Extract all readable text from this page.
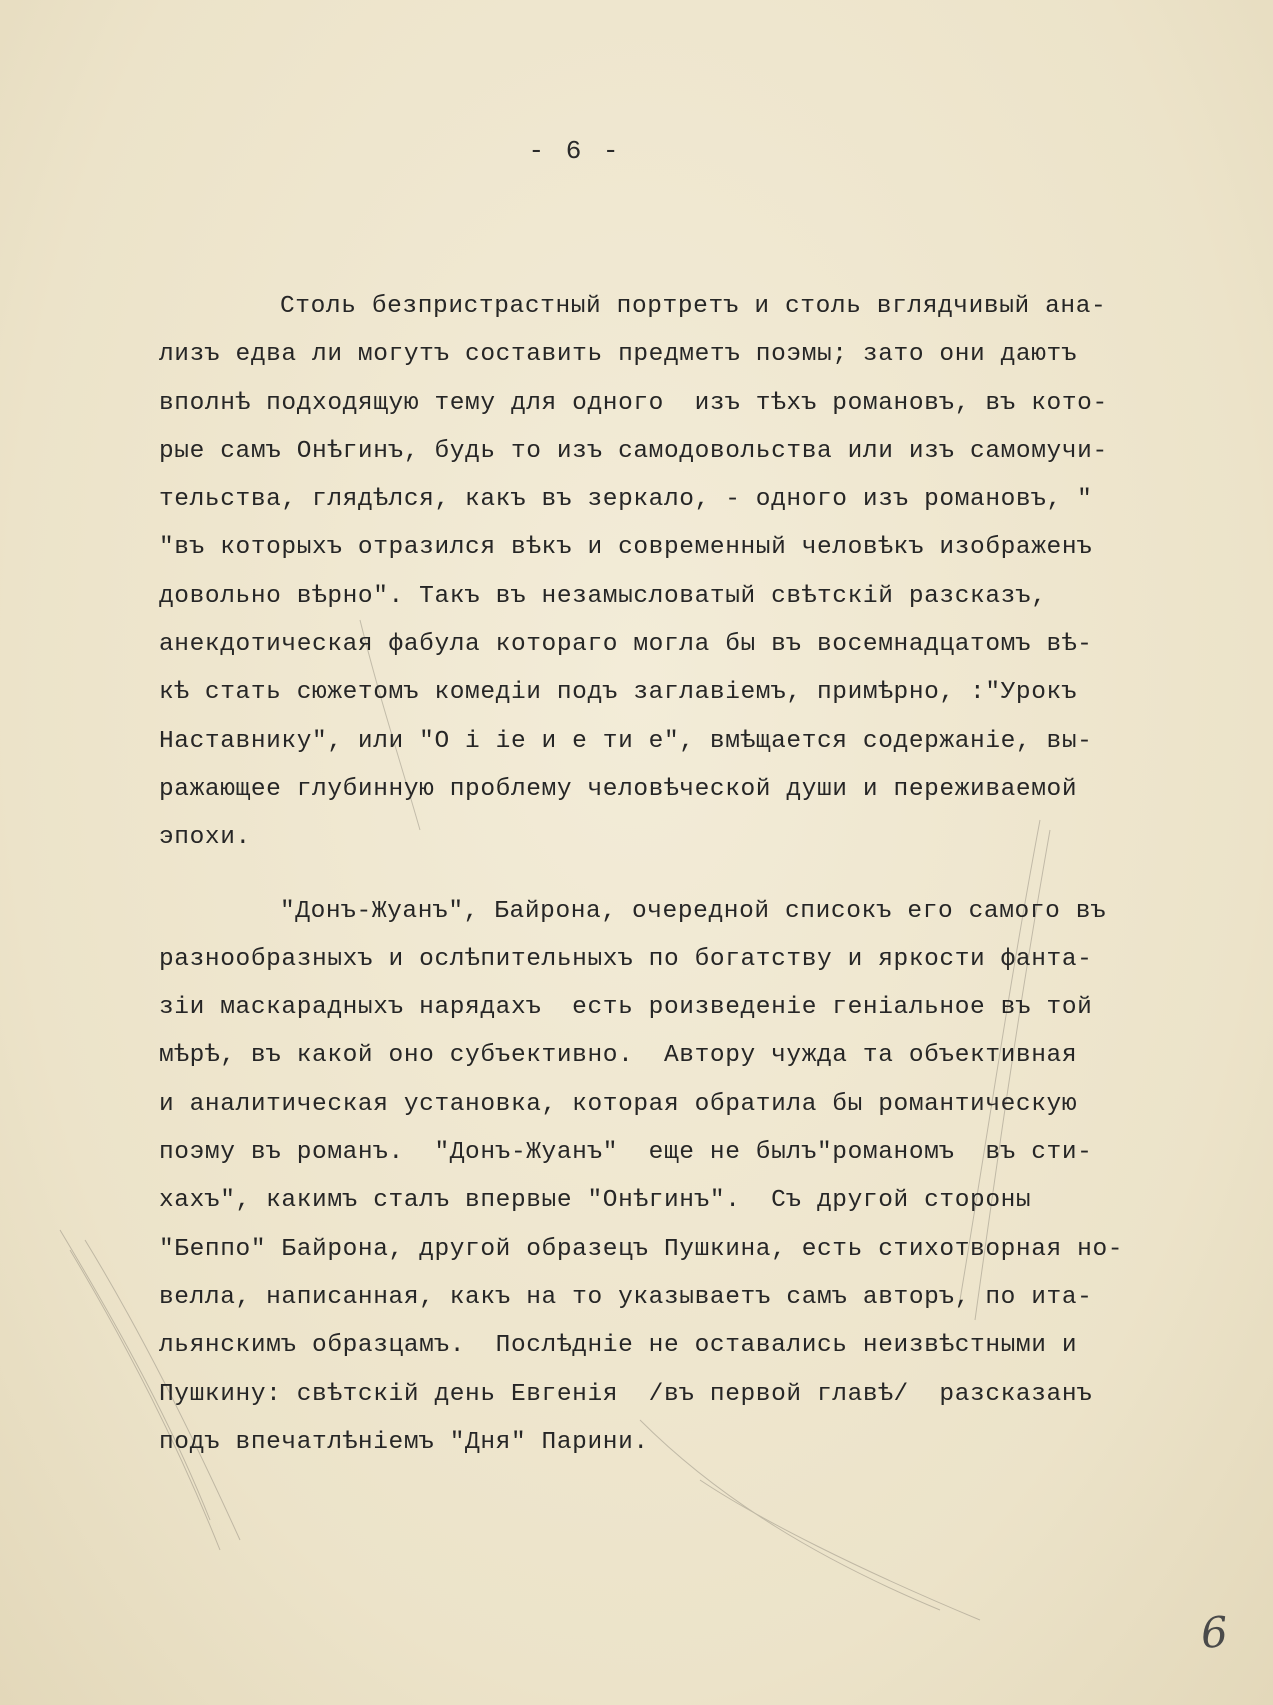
- 6 -
Столь безпристрастный портретъ и столь вглядчивый ана-
лизъ едва ли могутъ составить предметъ поэмы; зато они даютъ
вполнѣ подходящую тему для одного  изъ тѣхъ романовъ, въ кото-
рые самъ Онѣгинъ, будь то изъ самодовольства или изъ самомучи-
тельства, глядѣлся, какъ въ зеркало, - одного изъ романовъ, "
"въ которыхъ отразился вѣкъ и современный человѣкъ изображенъ
довольно вѣрно". Такъ въ незамысловатый свѣтскій разсказъ,
анекдотическая фабула котораго могла бы въ восемнадцатомъ вѣ-
кѣ стать сюжетомъ комедіи подъ заглавіемъ, примѣрно, :"Урокъ
Наставнику", или "О і іе и е ти е", вмѣщается содержаніе, вы-
ражающее глубинную проблему человѣческой души и переживаемой
эпохи.
"Донъ-Жуанъ", Байрона, очередной списокъ его самого въ
разнообразныхъ и ослѣпительныхъ по богатству и яркости фанта-
зіи маскарадныхъ нарядахъ  есть роизведеніе геніальное въ той
мѣрѣ, въ какой оно субъективно.  Автору чужда та объективная
и аналитическая установка, которая обратила бы романтическую
поэму въ романъ.  "Донъ-Жуанъ"  еще не былъ"романомъ  въ сти-
хахъ", какимъ сталъ впервые "Онѣгинъ".  Съ другой стороны
"Беппо" Байрона, другой образецъ Пушкина, есть стихотворная но-
велла, написанная, какъ на то указываетъ самъ авторъ, по ита-
льянскимъ образцамъ.  Послѣдніе не оставались неизвѣстными и
Пушкину: свѣтскій день Евгенія  /въ первой главѣ/  разсказанъ
подъ впечатлѣніемъ "Дня" Парини.
6
